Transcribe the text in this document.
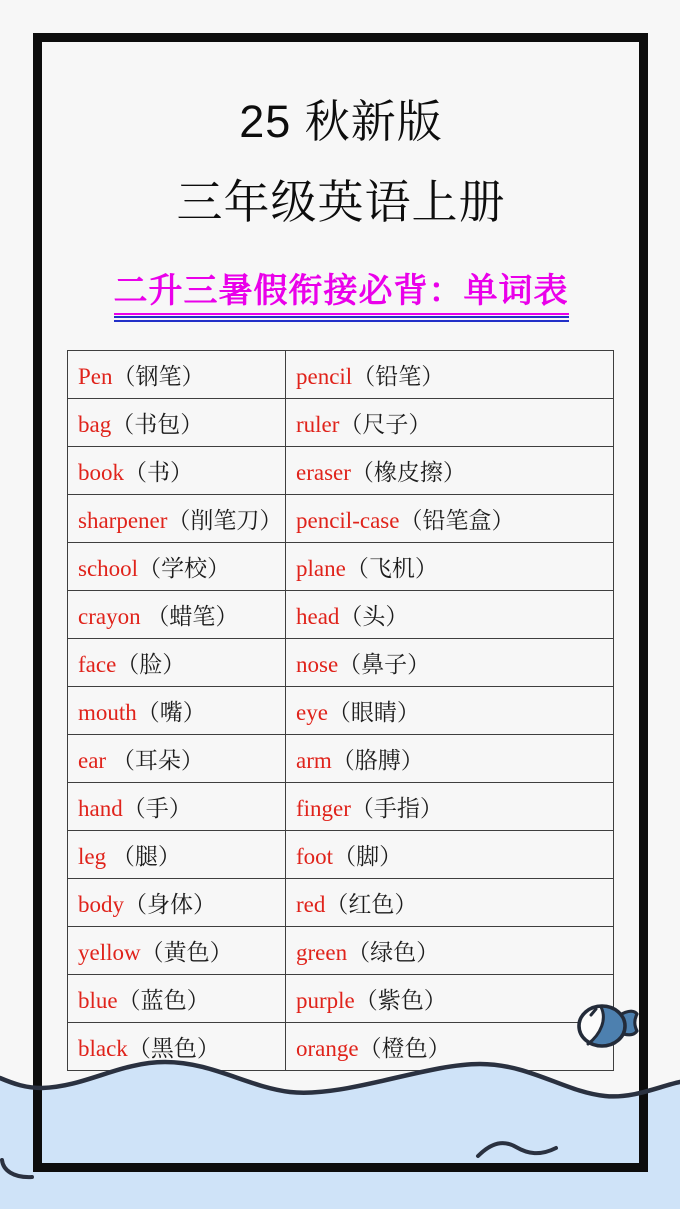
25 秋新版
三年级英语上册
二升三暑假衔接必背：单词表
Pen（钢笔）	pencil（铅笔）
bag（书包）	ruler（尺子）
book（书）	eraser（橡皮擦）
sharpener（削笔刀）	pencil-case（铅笔盒）
school（学校）	plane（飞机）
crayon （蜡笔）	head（头）
face（脸）	nose（鼻子）
mouth（嘴）	eye（眼睛）
ear （耳朵）	arm（胳膊）
hand（手）	finger（手指）
leg （腿）	foot（脚）
body（身体）	red（红色）
yellow（黄色）	green（绿色）
blue（蓝色）	purple（紫色）
black（黑色）	orange（橙色）
